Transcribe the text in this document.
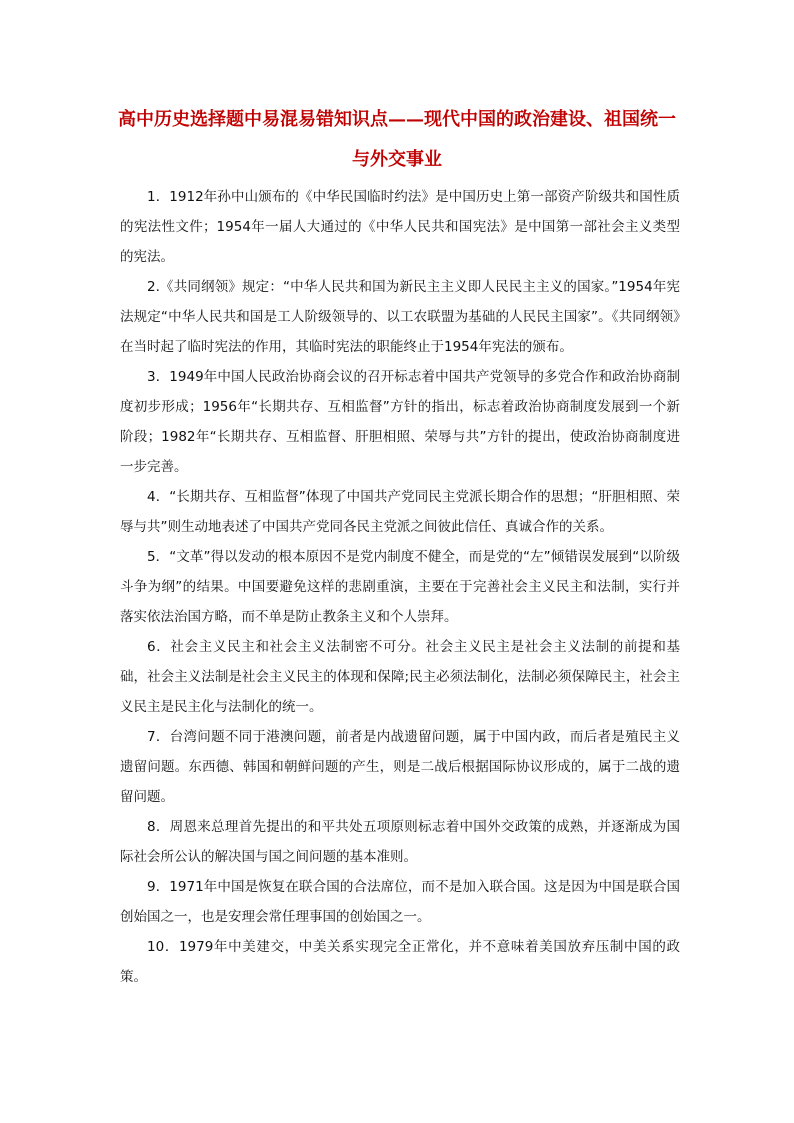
高中历史选择题中易混易错知识点——现代中国的政治建设、祖国统一与外交事业

1．1912年孙中山颁布的《中华民国临时约法》是中国历史上第一部资产阶级共和国性质的宪法性文件；1954年一届人大通过的《中华人民共和国宪法》是中国第一部社会主义类型的宪法。

2.《共同纲领》规定：“中华人民共和国为新民主主义即人民民主主义的国家。”1954年宪法规定“中华人民共和国是工人阶级领导的、以工农联盟为基础的人民民主国家”。《共同纲领》在当时起了临时宪法的作用，其临时宪法的职能终止于1954年宪法的颁布。

3．1949年中国人民政治协商会议的召开标志着中国共产党领导的多党合作和政治协商制度初步形成；1956年“长期共存、互相监督”方针的指出，标志着政治协商制度发展到一个新阶段；1982年“长期共存、互相监督、肝胆相照、荣辱与共”方针的提出，使政治协商制度进一步完善。

4．“长期共存、互相监督”体现了中国共产党同民主党派长期合作的思想；“肝胆相照、荣辱与共”则生动地表述了中国共产党同各民主党派之间彼此信任、真诚合作的关系。

5．“文革”得以发动的根本原因不是党内制度不健全，而是党的“左”倾错误发展到“以阶级斗争为纲”的结果。中国要避免这样的悲剧重演，主要在于完善社会主义民主和法制，实行并落实依法治国方略，而不单是防止教条主义和个人崇拜。

6．社会主义民主和社会主义法制密不可分。社会主义民主是社会主义法制的前提和基础，社会主义法制是社会主义民主的体现和保障;民主必须法制化，法制必须保障民主，社会主义民主是民主化与法制化的统一。

7．台湾问题不同于港澳问题，前者是内战遗留问题，属于中国内政，而后者是殖民主义遗留问题。东西德、韩国和朝鲜问题的产生，则是二战后根据国际协议形成的，属于二战的遗留问题。

8．周恩来总理首先提出的和平共处五项原则标志着中国外交政策的成熟，并逐渐成为国际社会所公认的解决国与国之间问题的基本准则。

9．1971年中国是恢复在联合国的合法席位，而不是加入联合国。这是因为中国是联合国创始国之一，也是安理会常任理事国的创始国之一。

10．1979年中美建交，中美关系实现完全正常化，并不意味着美国放弃压制中国的政策。
